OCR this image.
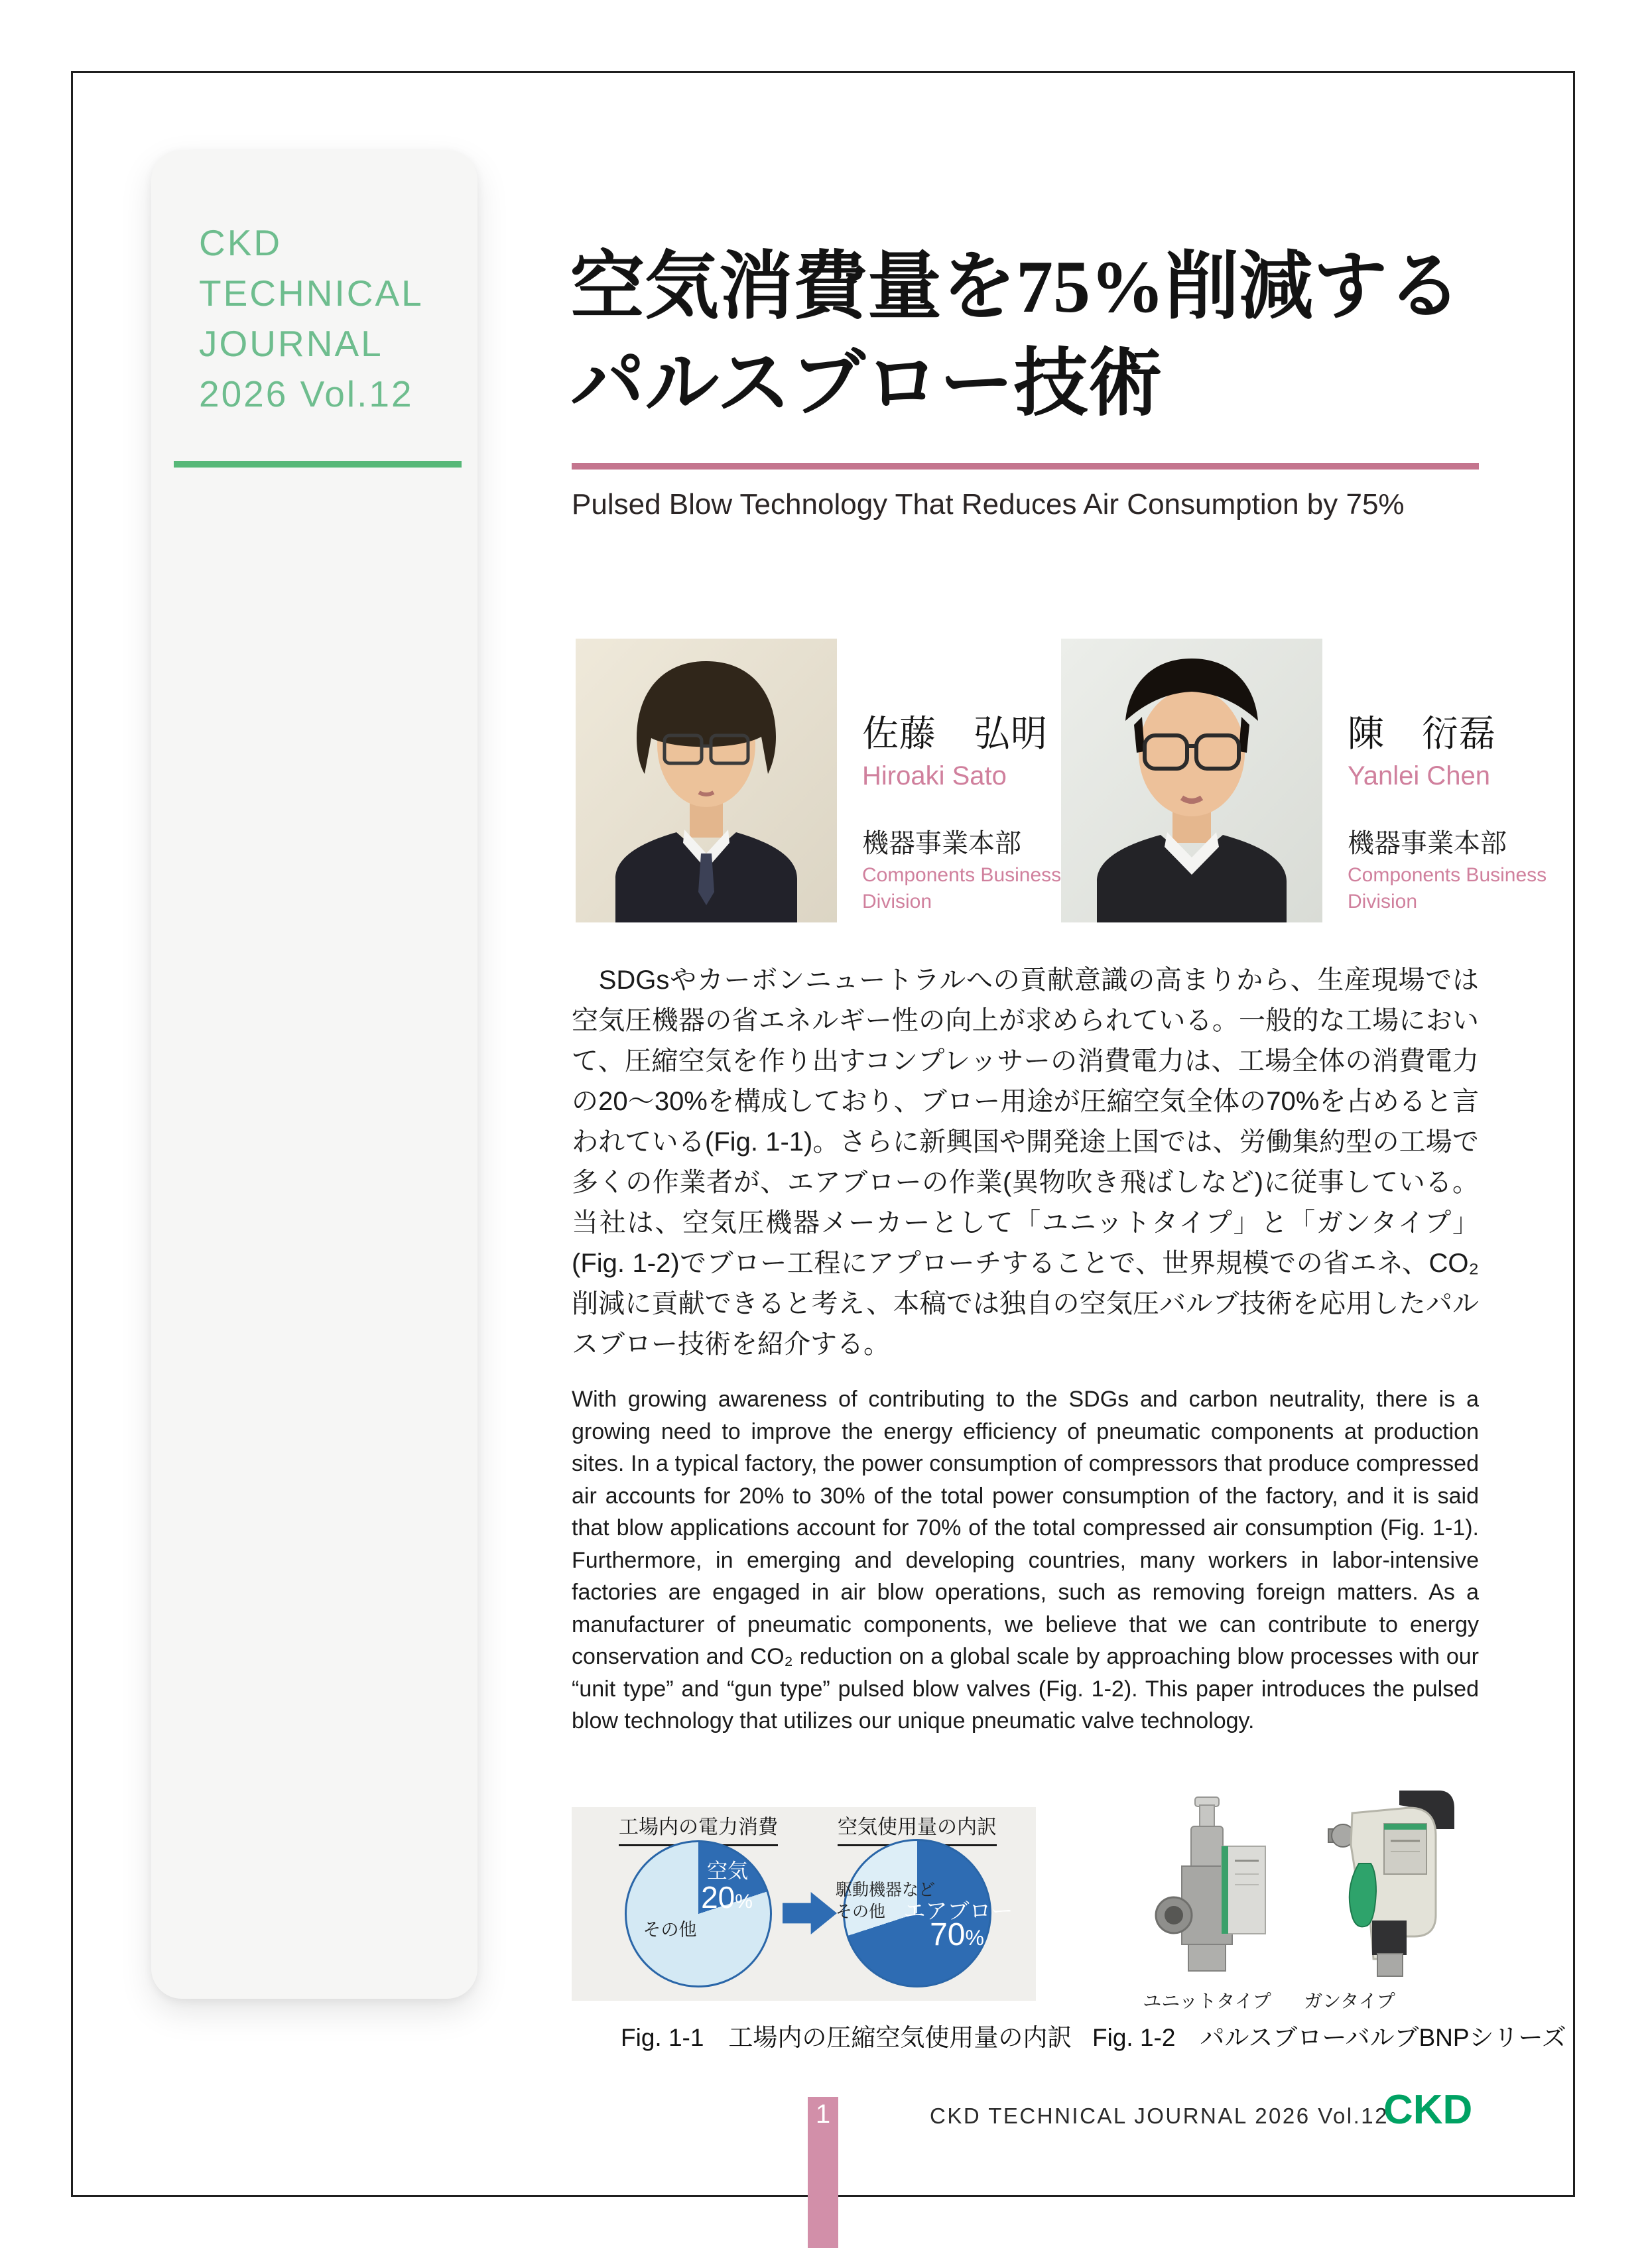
CKD
TECHNICAL
JOURNAL
2026 Vol.12
空気消費量を75%削減する
パルスブロー技術
Pulsed Blow Technology That Reduces Air Consumption by 75%
佐藤　弘明
Hiroaki Sato
機器事業本部
Components Business Division
陳　衍磊
Yanlei Chen
機器事業本部
Components Business Division
　SDGsやカーボンニュートラルへの貢献意識の高まりから、生産現場では空気圧機器の省エネルギー性の向上が求められている。一般的な工場において、圧縮空気を作り出すコンプレッサーの消費電力は、工場全体の消費電力の20～30%を構成しており、ブロー用途が圧縮空気全体の70%を占めると言われている(Fig. 1-1)。さらに新興国や開発途上国では、労働集約型の工場で多くの作業者が、エアブローの作業(異物吹き飛ばしなど)に従事している。当社は、空気圧機器メーカーとして「ユニットタイプ」と「ガンタイプ」(Fig. 1-2)でブロー工程にアプローチすることで、世界規模での省エネ、CO₂削減に貢献できると考え、本稿では独自の空気圧バルブ技術を応用したパルスブロー技術を紹介する。
With growing awareness of contributing to the SDGs and carbon neutrality, there is a growing need to improve the energy efficiency of pneumatic components at production sites. In a typical factory, the power consumption of compressors that produce compressed air accounts for 20% to 30% of the total power consumption of the factory, and it is said that blow applications account for 70% of the total compressed air consumption (Fig. 1-1). Furthermore, in emerging and developing countries, many workers in labor-intensive factories are engaged in air blow operations, such as removing foreign matters. As a manufacturer of pneumatic components, we believe that we can contribute to energy conservation and CO₂ reduction on a global scale by approaching blow processes with our “unit type” and “gun type” pulsed blow valves (Fig. 1-2). This paper introduces the pulsed blow technology that utilizes our unique pneumatic valve technology.
工場内の電力消費	空気使用量の内訳
空気
20%
その他
駆動機器など
その他 エアブロー
70%
Fig. 1-1　工場内の圧縮空気使用量の内訳
ユニットタイプ	ガンタイプ
Fig. 1-2　パルスブローバルブBNPシリーズ
1	CKD TECHNICAL JOURNAL 2026 Vol.12
CKD
